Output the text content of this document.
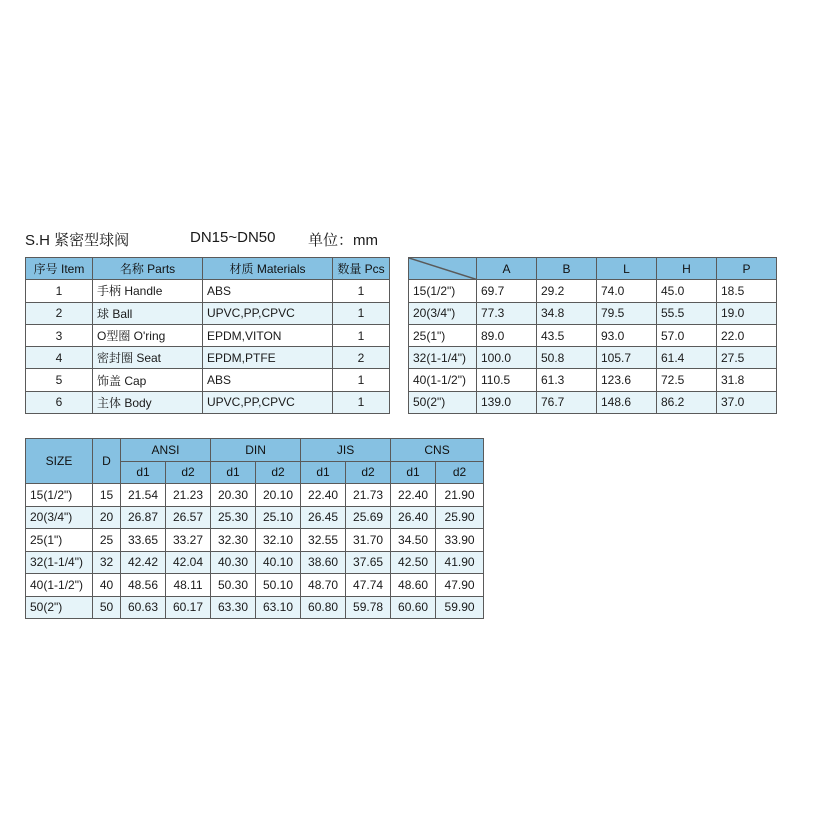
S.H 紧密型球阀	DN15~DN50 单位：mm
序号 Item	名称 Parts	材质 Materials	数量 Pcs
1	手柄 Handle	ABS	1
2	球 Ball	UPVC,PP,CPVC	1
3	O型圈 O'ring	EPDM,VITON	1
4	密封圈 Seat	EPDM,PTFE	2
5	饰盖 Cap	ABS	1
6	主体 Body	UPVC,PP,CPVC	1
	A	B	L	H	P
15(1/2")	69.7	29.2	74.0	45.0	18.5
20(3/4")	77.3	34.8	79.5	55.5	19.0
25(1")	89.0	43.5	93.0	57.0	22.0
32(1-1/4")	100.0	50.8	105.7	61.4	27.5
40(1-1/2")	110.5	61.3	123.6	72.5	31.8
50(2")	139.0	76.7	148.6	86.2	37.0
SIZE	D	ANSI		DIN		JIS		CNS	
		d1	d2	d1	d2	d1	d2	d1	d2
15(1/2")	15	21.54	21.23	20.30	20.10	22.40	21.73	22.40	21.90
20(3/4")	20	26.87	26.57	25.30	25.10	26.45	25.69	26.40	25.90
25(1")	25	33.65	33.27	32.30	32.10	32.55	31.70	34.50	33.90
32(1-1/4")	32	42.42	42.04	40.30	40.10	38.60	37.65	42.50	41.90
40(1-1/2")	40	48.56	48.11	50.30	50.10	48.70	47.74	48.60	47.90
50(2")	50	60.63	60.17	63.30	63.10	60.80	59.78	60.60	59.90
